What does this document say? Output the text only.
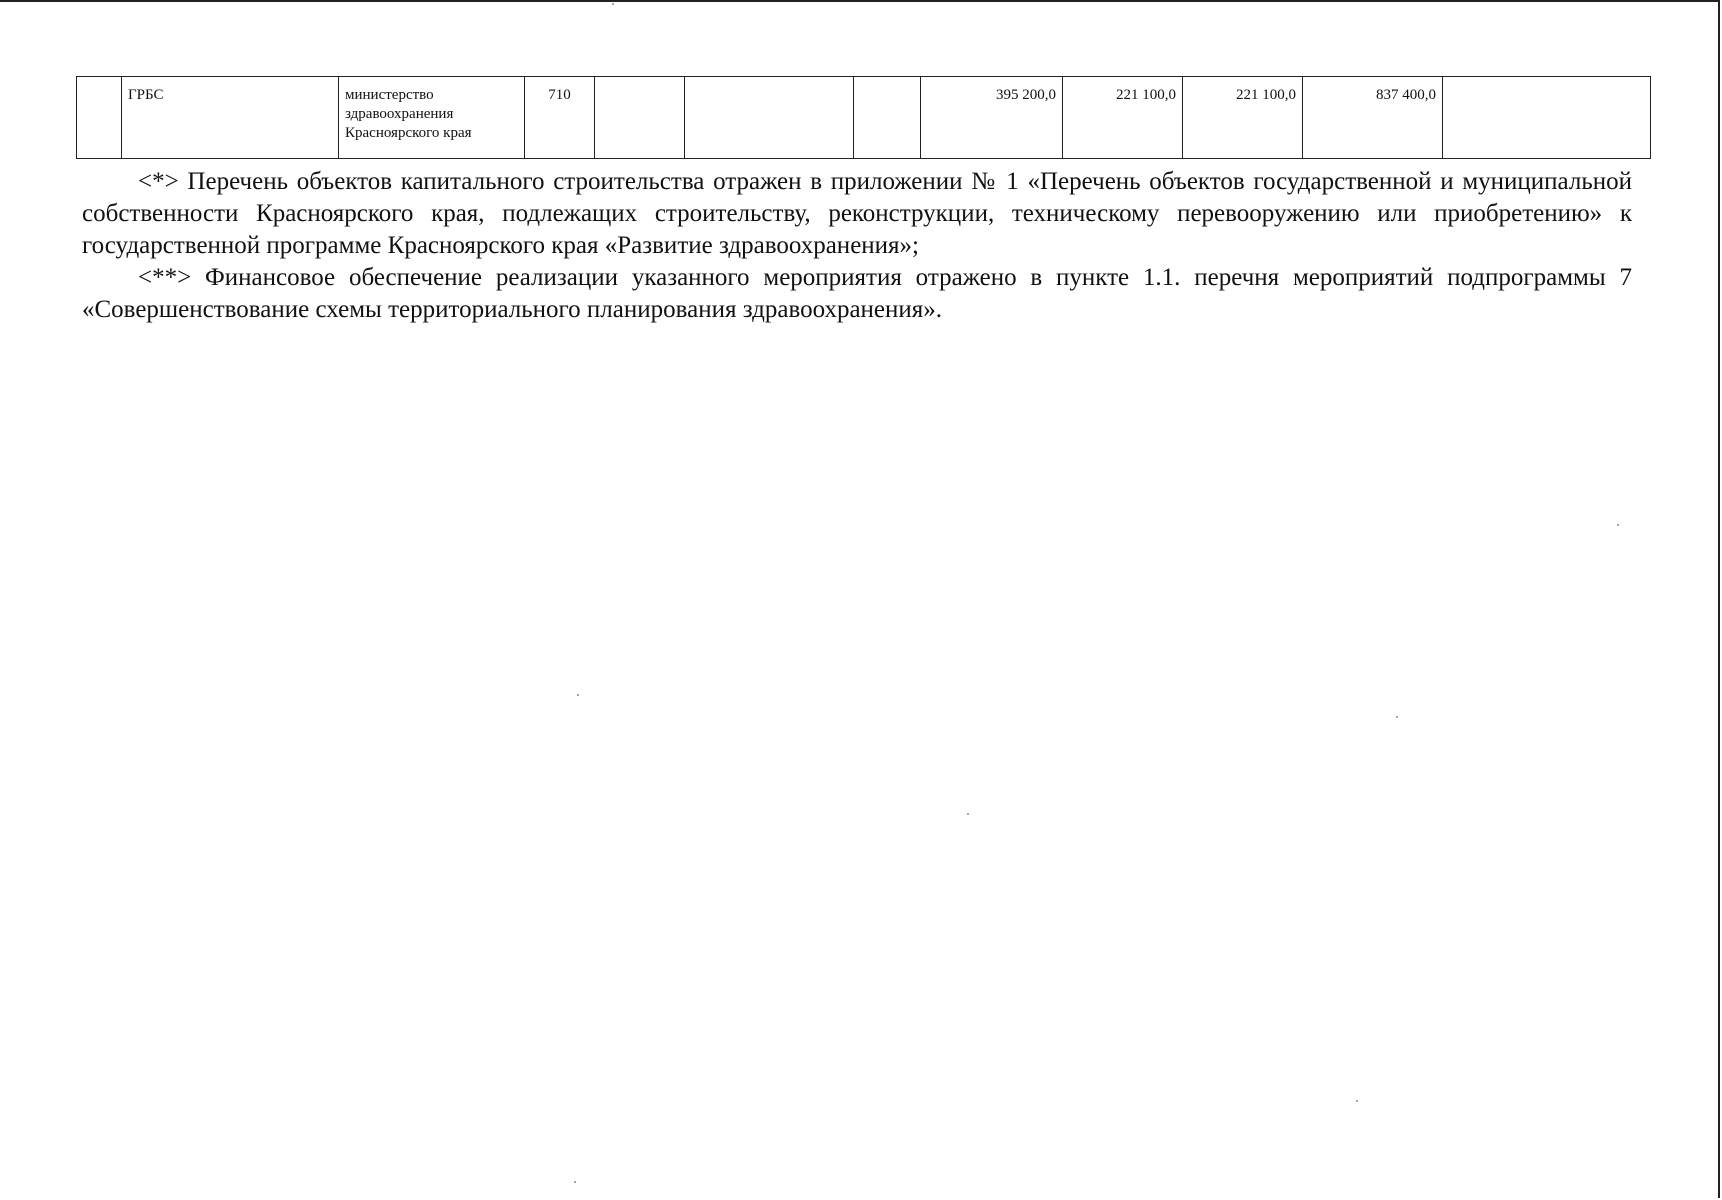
	ГРБС	министерство здравоохранения Красноярского края	710				395 200,0	221 100,0	221 100,0	837 400,0	

<*> Перечень объектов капитального строительства отражен в приложении № 1 «Перечень объектов государственной и муниципальной собственности Красноярского края, подлежащих строительству, реконструкции, техническому перевооружению или приобретению» к государственной программе Красноярского края «Развитие здравоохранения»;

<**> Финансовое обеспечение реализации указанного мероприятия отражено в пункте 1.1. перечня мероприятий подпрограммы 7 «Совершенствование схемы территориального планирования здравоохранения».
